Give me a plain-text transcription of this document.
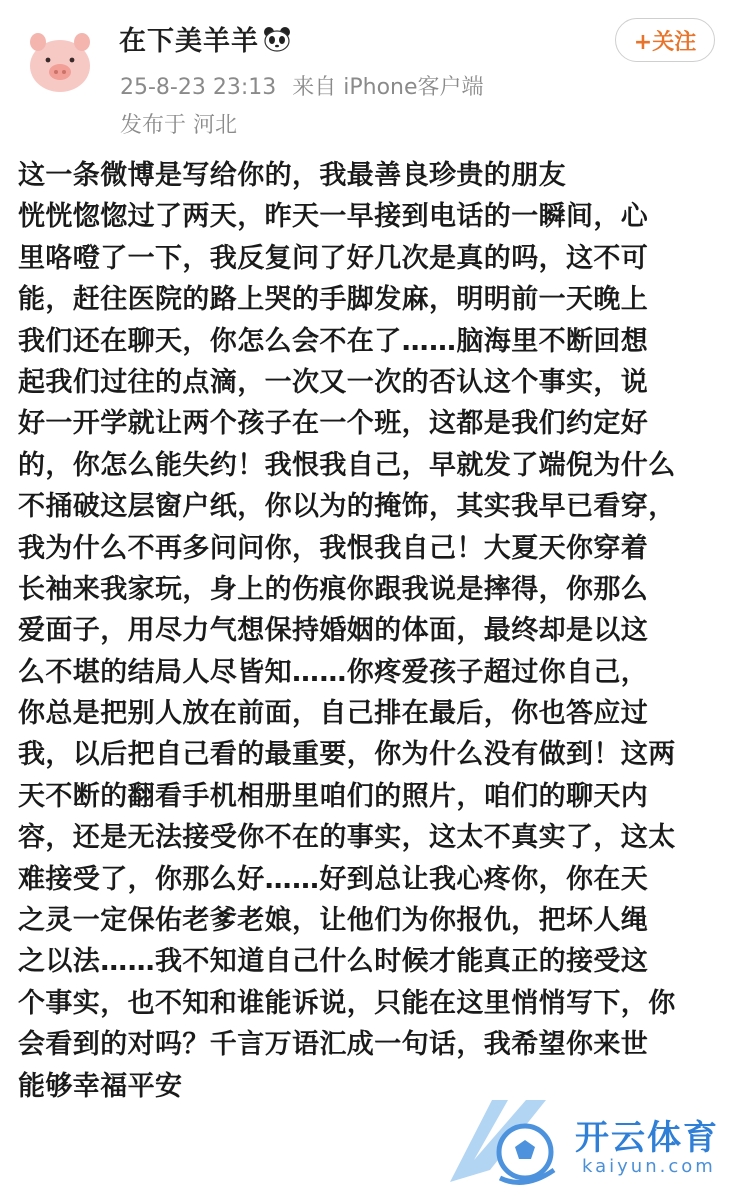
在下美羊羊
25-8-23 23:13 来自 iPhone客户端
发布于 河北
+关注
这一条微博是写给你的，我最善良珍贵的朋友
恍恍惚惚过了两天，昨天一早接到电话的一瞬间，心
里咯噔了一下，我反复问了好几次是真的吗，这不可
能，赶往医院的路上哭的手脚发麻，明明前一天晚上
我们还在聊天，你怎么会不在了……脑海里不断回想
起我们过往的点滴，一次又一次的否认这个事实，说
好一开学就让两个孩子在一个班，这都是我们约定好
的，你怎么能失约！我恨我自己，早就发了端倪为什么
不捅破这层窗户纸，你以为的掩饰，其实我早已看穿，
我为什么不再多问问你，我恨我自己！大夏天你穿着
长袖来我家玩，身上的伤痕你跟我说是摔得，你那么
爱面子，用尽力气想保持婚姻的体面，最终却是以这
么不堪的结局人尽皆知……你疼爱孩子超过你自己，
你总是把别人放在前面，自己排在最后，你也答应过
我，以后把自己看的最重要，你为什么没有做到！这两
天不断的翻看手机相册里咱们的照片，咱们的聊天内
容，还是无法接受你不在的事实，这太不真实了，这太
难接受了，你那么好……好到总让我心疼你，你在天
之灵一定保佑老爹老娘，让他们为你报仇，把坏人绳
之以法……我不知道自己什么时候才能真正的接受这
个事实，也不知和谁能诉说，只能在这里悄悄写下，你
会看到的对吗？千言万语汇成一句话，我希望你来世
能够幸福平安
开云体育
kaiyun.com
